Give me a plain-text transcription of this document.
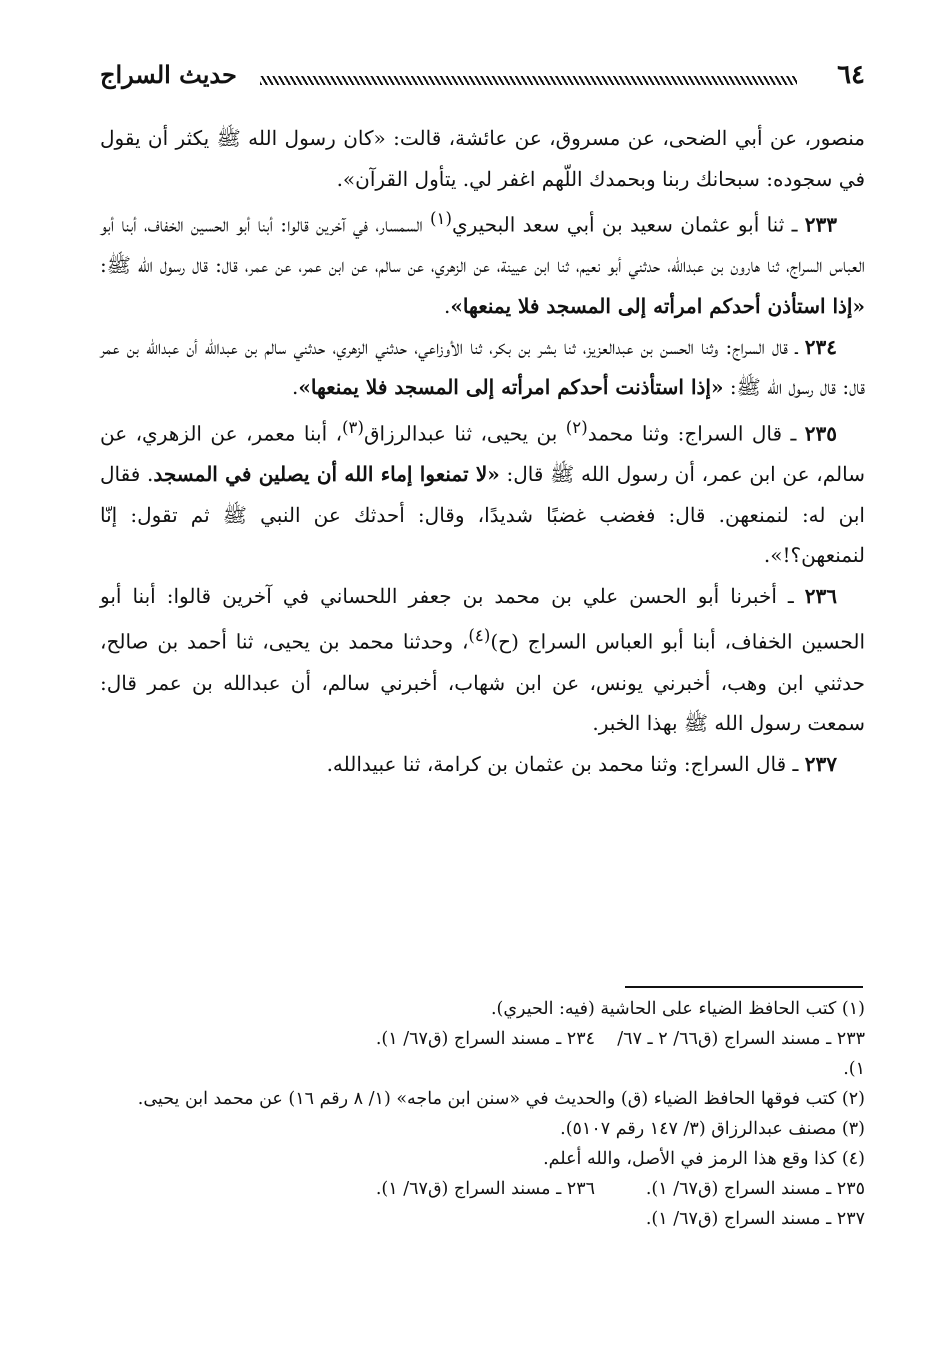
٦٤
حديث السراج

منصور، عن أبي الضحى، عن مسروق، عن عائشة، قالت: «كان رسول الله ﷺ يكثر أن يقول في سجوده: سبحانك ربنا وبحمدك اللّهم اغفر لي. يتأول القرآن».

٢٣٣ ـ ثنا أبو عثمان سعيد بن أبي سعد البحيري$^{(١)}$ السمسار، في آخرين قالوا: أبنا أبو الحسين الخفاف، أبنا أبو العباس السراج، ثنا هارون بن عبدالله، حدثني أبو نعيم، ثنا ابن عيينة، عن الزهري، عن سالم، عن ابن عمر، عن عمر، قال: قال رسول الله ﷺ: «إذا استأذن أحدكم امرأته إلى المسجد فلا يمنعها».

٢٣٤ ـ قال السراج: وثنا الحسن بن عبدالعزيز، ثنا بشر بن بكر، ثنا الأوزاعي، حدثني الزهري، حدثني سالم بن عبدالله أن عبدالله بن عمر قال: قال رسول الله ﷺ: «إذا استأذنت أحدكم امرأته إلى المسجد فلا يمنعها».

٢٣٥ ـ قال السراج: وثنا محمد$^{(٢)}$ بن يحيى، ثنا عبدالرزاق$^{(٣)}$، أبنا معمر، عن الزهري، عن سالم، عن ابن عمر، أن رسول الله ﷺ قال: «لا تمنعوا إماء الله أن يصلين في المسجد. فقال ابن له: لنمنعهن. قال: فغضب غضبًا شديدًا، وقال: أحدثك عن النبي ﷺ ثم تقول: إنّا لنمنعهن؟!».

٢٣٦ ـ أخبرنا أبو الحسن علي بن محمد بن جعفر اللحساني في آخرين قالوا: أبنا أبو الحسين الخفاف، أبنا أبو العباس السراج (ح)$^{(٤)}$، وحدثنا محمد بن يحيى، ثنا أحمد بن صالح، حدثني ابن وهب، أخبرني يونس، عن ابن شهاب، أخبرني سالم، أن عبدالله بن عمر قال: سمعت رسول الله ﷺ بهذا الخبر.

٢٣٧ ـ قال السراج: وثنا محمد بن عثمان بن كرامة، ثنا عبيدالله.

(١) كتب الحافظ الضياء على الحاشية (فيه: الحيري).

٢٣٣ ـ مسند السراج (ق٦٦/ ٢ ـ ٦٧/ ١).
٢٣٤ ـ مسند السراج (ق٦٧/ ١).

(٢) كتب فوقها الحافظ الضياء (ق) والحديث في «سنن ابن ماجه» (١/ ٨ رقم ١٦) عن محمد ابن يحيى.

(٣) مصنف عبدالرزاق (٣/ ١٤٧ رقم ٥١٠٧).

(٤) كذا وقع هذا الرمز في الأصل، والله أعلم.

٢٣٥ ـ مسند السراج (ق٦٧/ ١).
٢٣٦ ـ مسند السراج (ق٦٧/ ١).

٢٣٧ ـ مسند السراج (ق٦٧/ ١).
